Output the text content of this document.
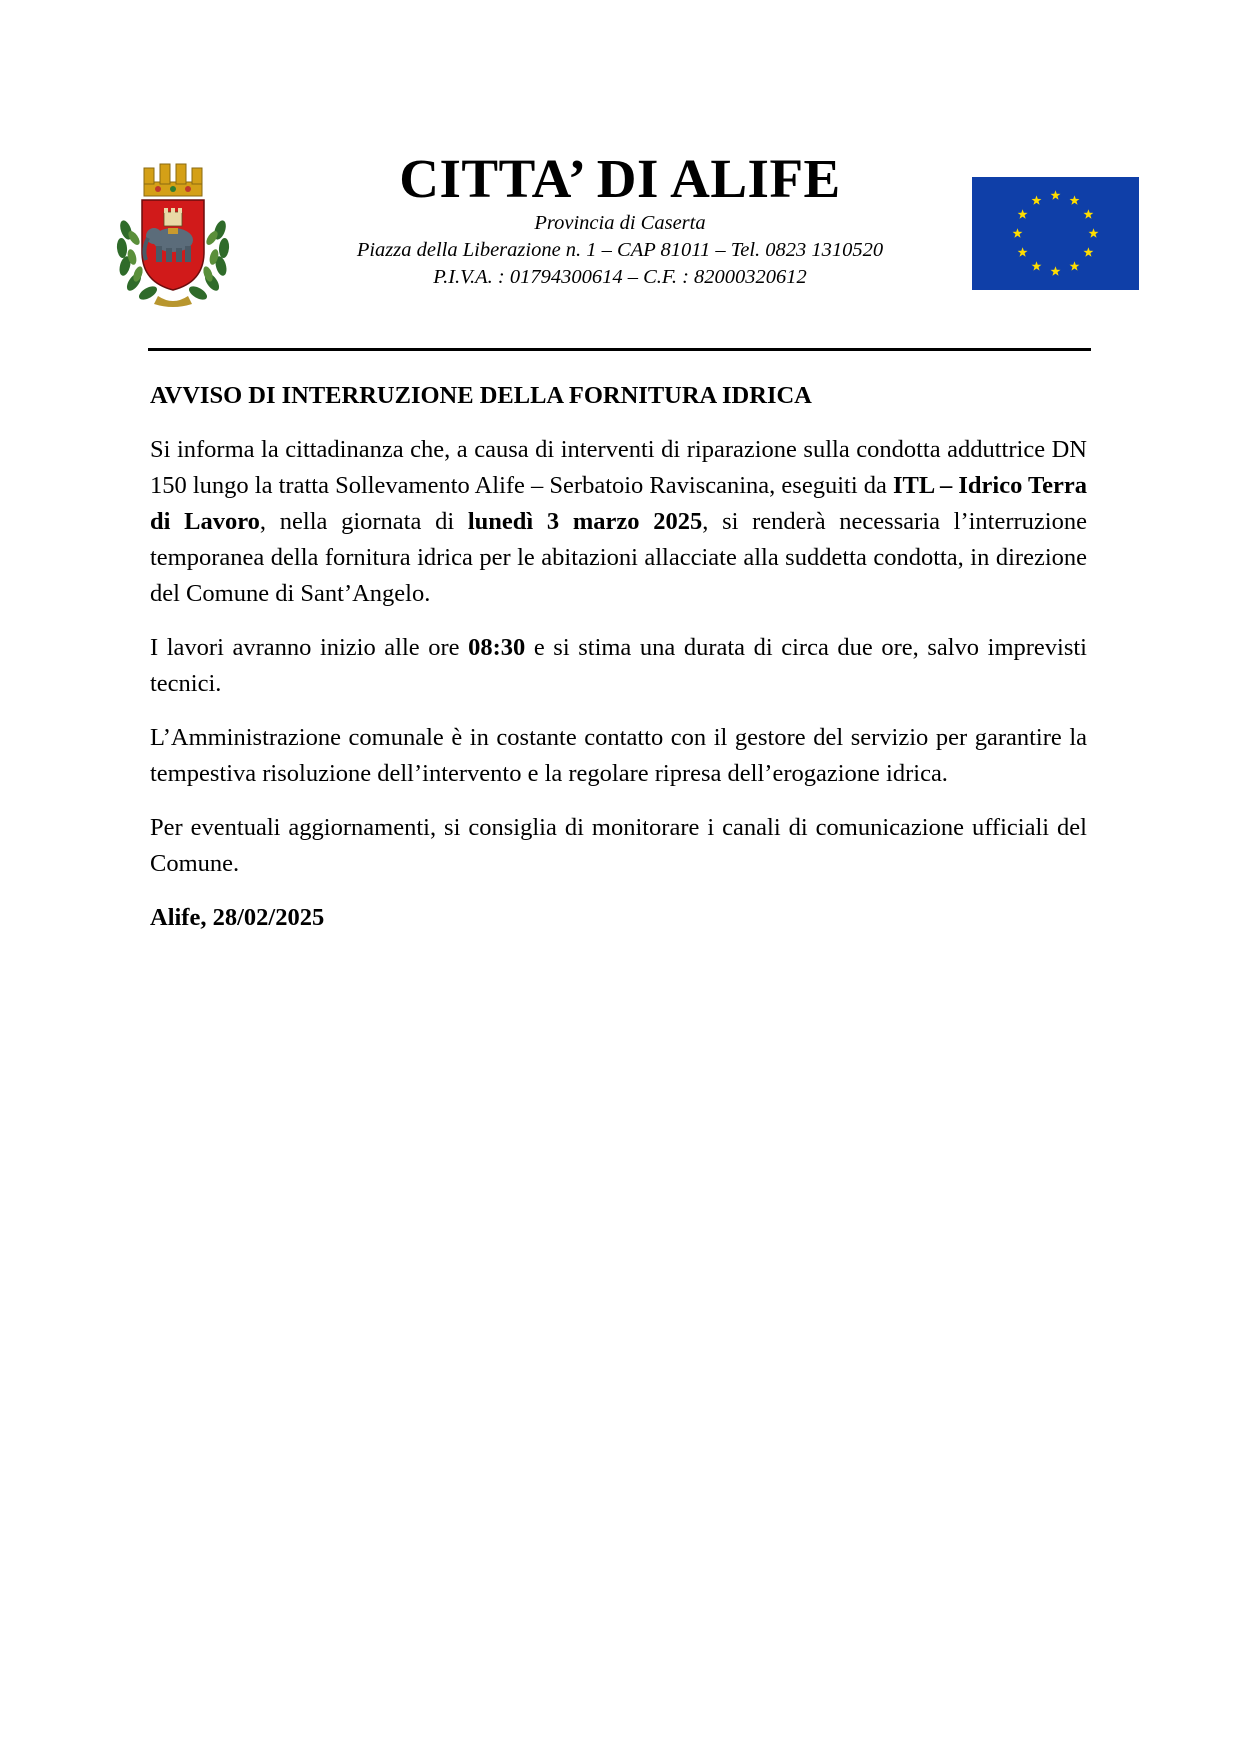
CITTA’ DI ALIFE

Provincia di Caserta

Piazza della Liberazione n. 1 – CAP 81011 – Tel. 0823 1310520

P.I.V.A. : 01794300614 – C.F. : 82000320612

AVVISO DI INTERRUZIONE DELLA FORNITURA IDRICA

Si informa la cittadinanza che, a causa di interventi di riparazione sulla condotta adduttrice DN 150 lungo la tratta Sollevamento Alife – Serbatoio Raviscanina, eseguiti da ITL – Idrico Terra di Lavoro, nella giornata di lunedì 3 marzo 2025, si renderà necessaria l’interruzione temporanea della fornitura idrica per le abitazioni allacciate alla suddetta condotta, in direzione del Comune di Sant’Angelo.

I lavori avranno inizio alle ore 08:30 e si stima una durata di circa due ore, salvo imprevisti tecnici.

L’Amministrazione comunale è in costante contatto con il gestore del servizio per garantire la tempestiva risoluzione dell’intervento e la regolare ripresa dell’erogazione idrica.

Per eventuali aggiornamenti, si consiglia di monitorare i canali di comunicazione ufficiali del Comune.

Alife, 28/02/2025
